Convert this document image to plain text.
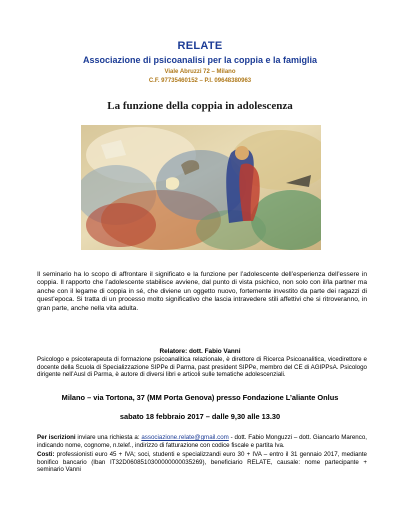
RELATE
Associazione di psicoanalisi per la coppia e la famiglia
Viale Abruzzi 72 – Milano
C.F. 97735460152 – P.I. 09648380963
La funzione della coppia in adolescenza
Il seminario ha lo scopo di affrontare il significato e la funzione per l’adolescente dell’esperienza dell’essere in coppia. Il rapporto che l’adolescente stabilisce avviene, dal punto di vista psichico, non solo con il/la partner ma anche con il legame di coppia in sé, che diviene un oggetto nuovo, fortemente investito da parte dei ragazzi di quest’epoca. Si tratta di un processo molto significativo che lascia intravedere stili affettivi che si ritroveranno, in gran parte, anche nella vita adulta.
Relatore: dott. Fabio Vanni
Psicologo e psicoterapeuta di formazione psicoanalitica relazionale, è direttore di Ricerca Psicoanalitica, vicedirettore e docente della Scuola di Specializzazione SIPPe di Parma, past president SIPPe, membro del CE di AGIPPsA. Psicologo dirigente nell’Ausl di Parma, è autore di diversi libri e articoli sulle tematiche adolescenziali.
Milano – via Tortona, 37 (MM Porta Genova) presso Fondazione L’aliante Onlus
sabato 18 febbraio 2017 – dalle 9,30 alle 13.30

Per iscrizioni inviare una richiesta a: associazione.relate@gmail.com - dott. Fabio Monguzzi – dott. Giancarlo Marenco, indicando nome, cognome, n.telef., indirizzo di fatturazione con codice fiscale e partita Iva.

Costi: professionisti euro 45 + IVA; soci, studenti e specializzandi euro 30 + IVA – entro il 31 gennaio 2017, mediante bonifico bancario (Iban IT32D0608510300000000035269), beneficiario RELATE, causale: nome partecipante + seminario Vanni
